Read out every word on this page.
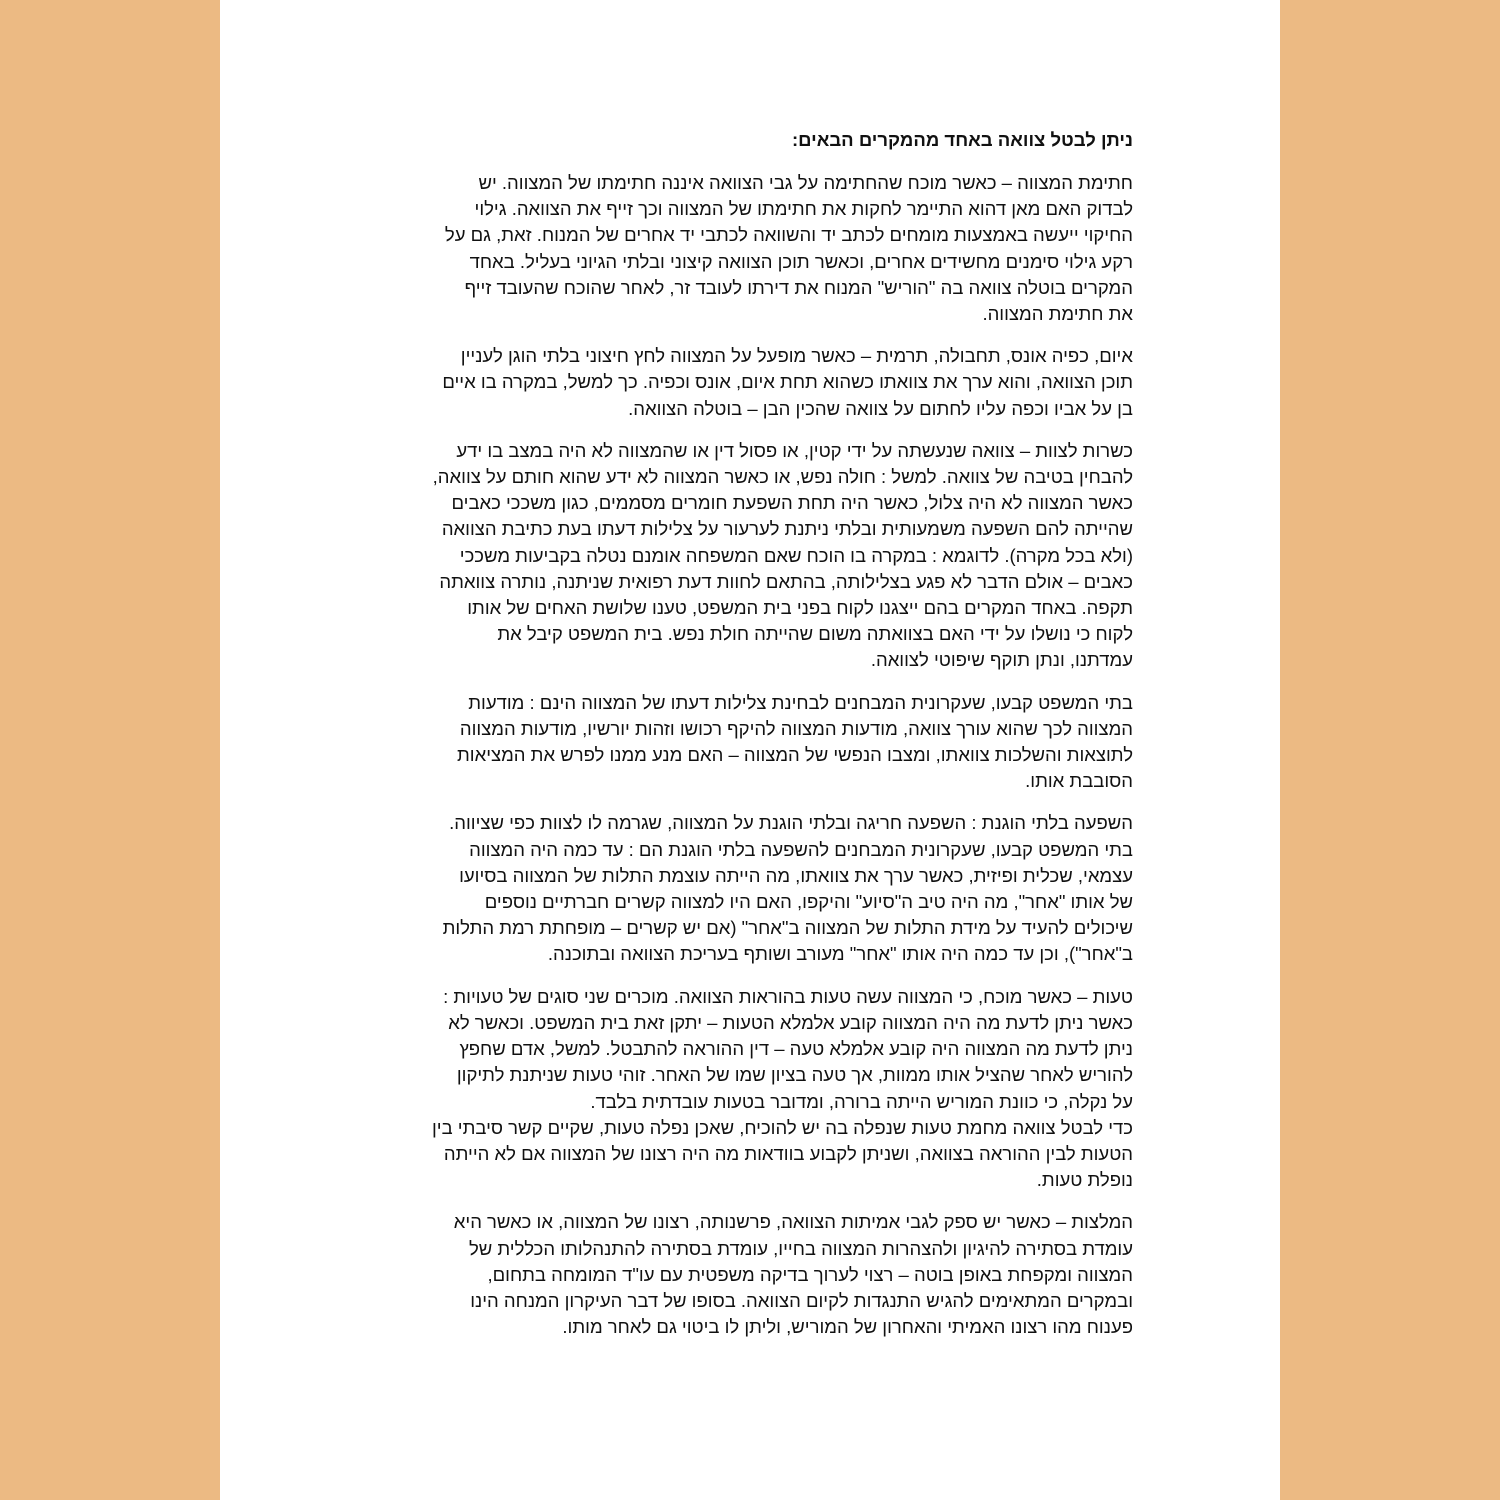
ניתן לבטל צוואה באחד מהמקרים הבאים:
חתימת המצווה – כאשר מוכח שהחתימה על גבי הצוואה איננה חתימתו של המצווה. יש
לבדוק האם מאן דהוא התיימר לחקות את חתימתו של המצווה וכך זייף את הצוואה. גילוי
החיקוי ייעשה באמצעות מומחים לכתב יד והשוואה לכתבי יד אחרים של המנוח. זאת, גם על
רקע גילוי סימנים מחשידים אחרים, וכאשר תוכן הצוואה קיצוני ובלתי הגיוני בעליל. באחד
המקרים בוטלה צוואה בה "הוריש" המנוח את דירתו לעובד זר, לאחר שהוכח שהעובד זייף
את חתימת המצווה.
איום, כפיה אונס, תחבולה, תרמית – כאשר מופעל על המצווה לחץ חיצוני בלתי הוגן לעניין
תוכן הצוואה, והוא ערך את צוואתו כשהוא תחת איום, אונס וכפיה. כך למשל, במקרה בו איים
בן על אביו וכפה עליו לחתום על צוואה שהכין הבן – בוטלה הצוואה.
כשרות לצוות – צוואה שנעשתה על ידי קטין, או פסול דין או שהמצווה לא היה במצב בו ידע
להבחין בטיבה של צוואה. למשל : חולה נפש, או כאשר המצווה לא ידע שהוא חותם על צוואה,
כאשר המצווה לא היה צלול, כאשר היה תחת השפעת חומרים מסממים, כגון משככי כאבים
שהייתה להם השפעה משמעותית ובלתי ניתנת לערעור על צלילות דעתו בעת כתיבת הצוואה
(ולא בכל מקרה). לדוגמא : במקרה בו הוכח שאם המשפחה אומנם נטלה בקביעות משככי
כאבים – אולם הדבר לא פגע בצלילותה, בהתאם לחוות דעת רפואית שניתנה, נותרה צוואתה
תקפה. באחד המקרים בהם ייצגנו לקוח בפני בית המשפט, טענו שלושת האחים של אותו
לקוח כי נושלו על ידי האם בצוואתה משום שהייתה חולת נפש. בית המשפט קיבל את
עמדתנו, ונתן תוקף שיפוטי לצוואה.
בתי המשפט קבעו, שעקרונית המבחנים לבחינת צלילות דעתו של המצווה הינם : מודעות
המצווה לכך שהוא עורך צוואה, מודעות המצווה להיקף רכושו וזהות יורשיו, מודעות המצווה
לתוצאות והשלכות צוואתו, ומצבו הנפשי של המצווה – האם מנע ממנו לפרש את המציאות
הסובבת אותו.
השפעה בלתי הוגנת : השפעה חריגה ובלתי הוגנת על המצווה, שגרמה לו לצוות כפי שציווה.
בתי המשפט קבעו, שעקרונית המבחנים להשפעה בלתי הוגנת הם : עד כמה היה המצווה
עצמאי, שכלית ופיזית, כאשר ערך את צוואתו, מה הייתה עוצמת התלות של המצווה בסיועו
של אותו "אחר", מה היה טיב ה"סיוע" והיקפו, האם היו למצווה קשרים חברתיים נוספים
שיכולים להעיד על מידת התלות של המצווה ב"אחר" (אם יש קשרים – מופחתת רמת התלות
ב"אחר"), וכן עד כמה היה אותו "אחר" מעורב ושותף בעריכת הצוואה ובתוכנה.
טעות – כאשר מוכח, כי המצווה עשה טעות בהוראות הצוואה. מוכרים שני סוגים של טעויות :
כאשר ניתן לדעת מה היה המצווה קובע אלמלא הטעות – יתקן זאת בית המשפט. וכאשר לא
ניתן לדעת מה המצווה היה קובע אלמלא טעה – דין ההוראה להתבטל. למשל, אדם שחפץ
להוריש לאחר שהציל אותו ממוות, אך טעה בציון שמו של האחר. זוהי טעות שניתנת לתיקון
על נקלה, כי כוונת המוריש הייתה ברורה, ומדובר בטעות עובדתית בלבד.
כדי לבטל צוואה מחמת טעות שנפלה בה יש להוכיח, שאכן נפלה טעות, שקיים קשר סיבתי בין
הטעות לבין ההוראה בצוואה, ושניתן לקבוע בוודאות מה היה רצונו של המצווה אם לא הייתה
נופלת טעות.
המלצות – כאשר יש ספק לגבי אמיתות הצוואה, פרשנותה, רצונו של המצווה, או כאשר היא
עומדת בסתירה להיגיון ולהצהרות המצווה בחייו, עומדת בסתירה להתנהלותו הכללית של
המצווה ומקפחת באופן בוטה – רצוי לערוך בדיקה משפטית עם עו"ד המומחה בתחום,
ובמקרים המתאימים להגיש התנגדות לקיום הצוואה. בסופו של דבר העיקרון המנחה הינו
פענוח מהו רצונו האמיתי והאחרון של המוריש, וליתן לו ביטוי גם לאחר מותו.
